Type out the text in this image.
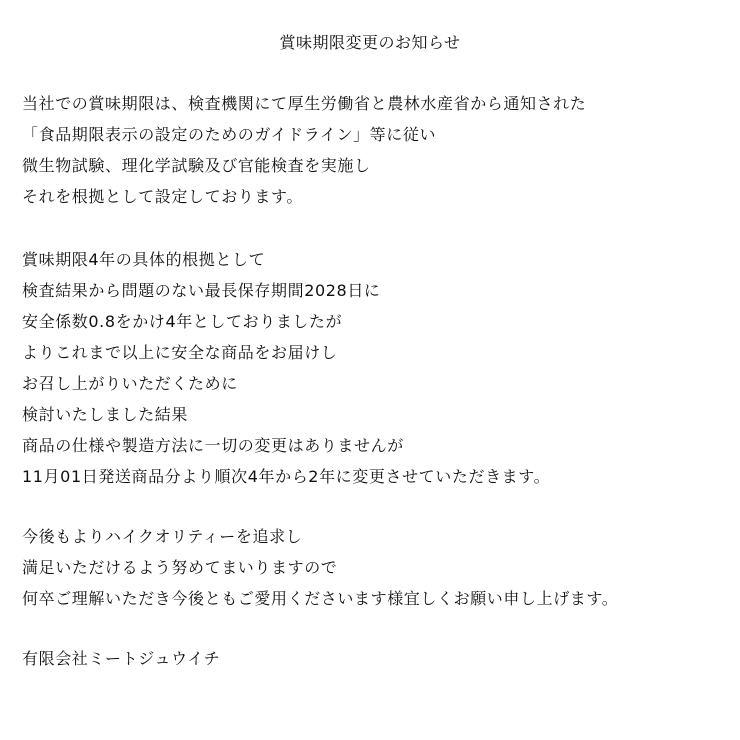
賞味期限変更のお知らせ
当社での賞味期限は、検査機関にて厚生労働省と農林水産省から通知された
「食品期限表示の設定のためのガイドライン」等に従い
微生物試験、理化学試験及び官能検査を実施し
それを根拠として設定しております。
賞味期限4年の具体的根拠として
検査結果から問題のない最長保存期間2028日に
安全係数0.8をかけ4年としておりましたが
よりこれまで以上に安全な商品をお届けし
お召し上がりいただくために
検討いたしました結果
商品の仕様や製造方法に一切の変更はありませんが
11月01日発送商品分より順次4年から2年に変更させていただきます。
今後もよりハイクオリティーを追求し
満足いただけるよう努めてまいりますので
何卒ご理解いただき今後ともご愛用くださいます様宜しくお願い申し上げます。
有限会社ミートジュウイチ
